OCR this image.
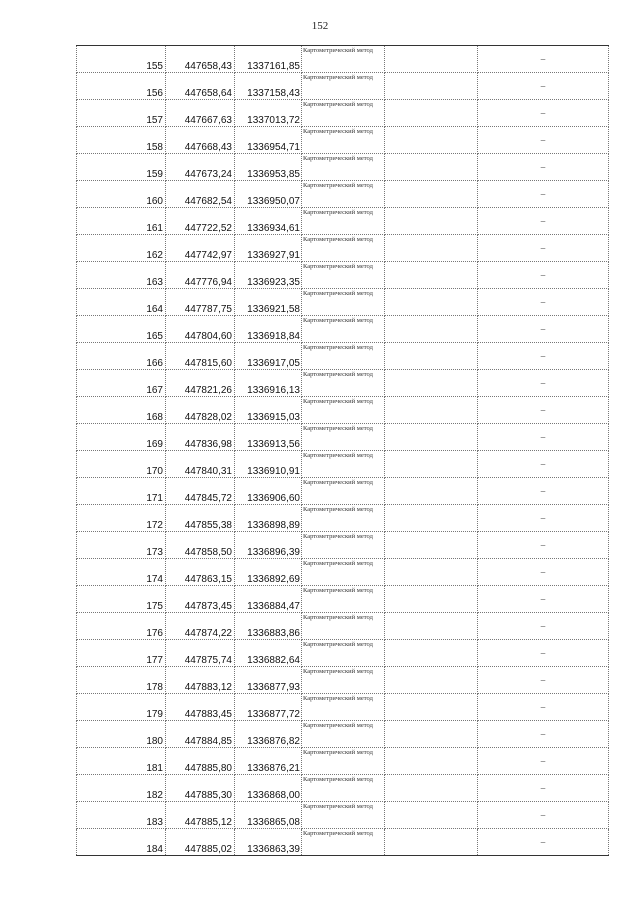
152
155	447658,43	1337161,85	Картометрический метод		–
156	447658,64	1337158,43	Картометрический метод		–
157	447667,63	1337013,72	Картометрический метод		–
158	447668,43	1336954,71	Картометрический метод		–
159	447673,24	1336953,85	Картометрический метод		–
160	447682,54	1336950,07	Картометрический метод		–
161	447722,52	1336934,61	Картометрический метод		–
162	447742,97	1336927,91	Картометрический метод		–
163	447776,94	1336923,35	Картометрический метод		–
164	447787,75	1336921,58	Картометрический метод		–
165	447804,60	1336918,84	Картометрический метод		–
166	447815,60	1336917,05	Картометрический метод		–
167	447821,26	1336916,13	Картометрический метод		–
168	447828,02	1336915,03	Картометрический метод		–
169	447836,98	1336913,56	Картометрический метод		–
170	447840,31	1336910,91	Картометрический метод		–
171	447845,72	1336906,60	Картометрический метод		–
172	447855,38	1336898,89	Картометрический метод		–
173	447858,50	1336896,39	Картометрический метод		–
174	447863,15	1336892,69	Картометрический метод		–
175	447873,45	1336884,47	Картометрический метод		–
176	447874,22	1336883,86	Картометрический метод		–
177	447875,74	1336882,64	Картометрический метод		–
178	447883,12	1336877,93	Картометрический метод		–
179	447883,45	1336877,72	Картометрический метод		–
180	447884,85	1336876,82	Картометрический метод		–
181	447885,80	1336876,21	Картометрический метод		–
182	447885,30	1336868,00	Картометрический метод		–
183	447885,12	1336865,08	Картометрический метод		–
184	447885,02	1336863,39	Картометрический метод		–
